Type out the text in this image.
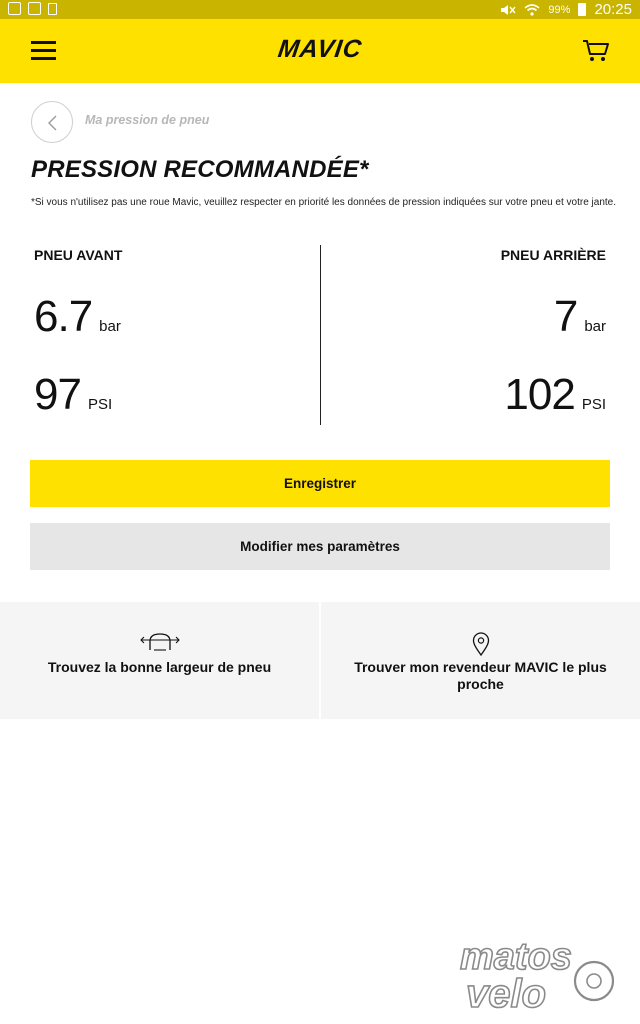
99% 20:25
MAVIC
Ma pression de pneu
PRESSION RECOMMANDÉE*
*Si vous n'utilisez pas une roue Mavic, veuillez respecter en priorité les données de pression indiquées sur votre pneu et votre jante.
PNEU AVANT
6.7 bar
97 PSI
PNEU ARRIÈRE
7 bar
102 PSI
Enregistrer
Modifier mes paramètres
Trouvez la bonne largeur de pneu	Trouver mon revendeur MAVIC le plus proche
matos
velo
